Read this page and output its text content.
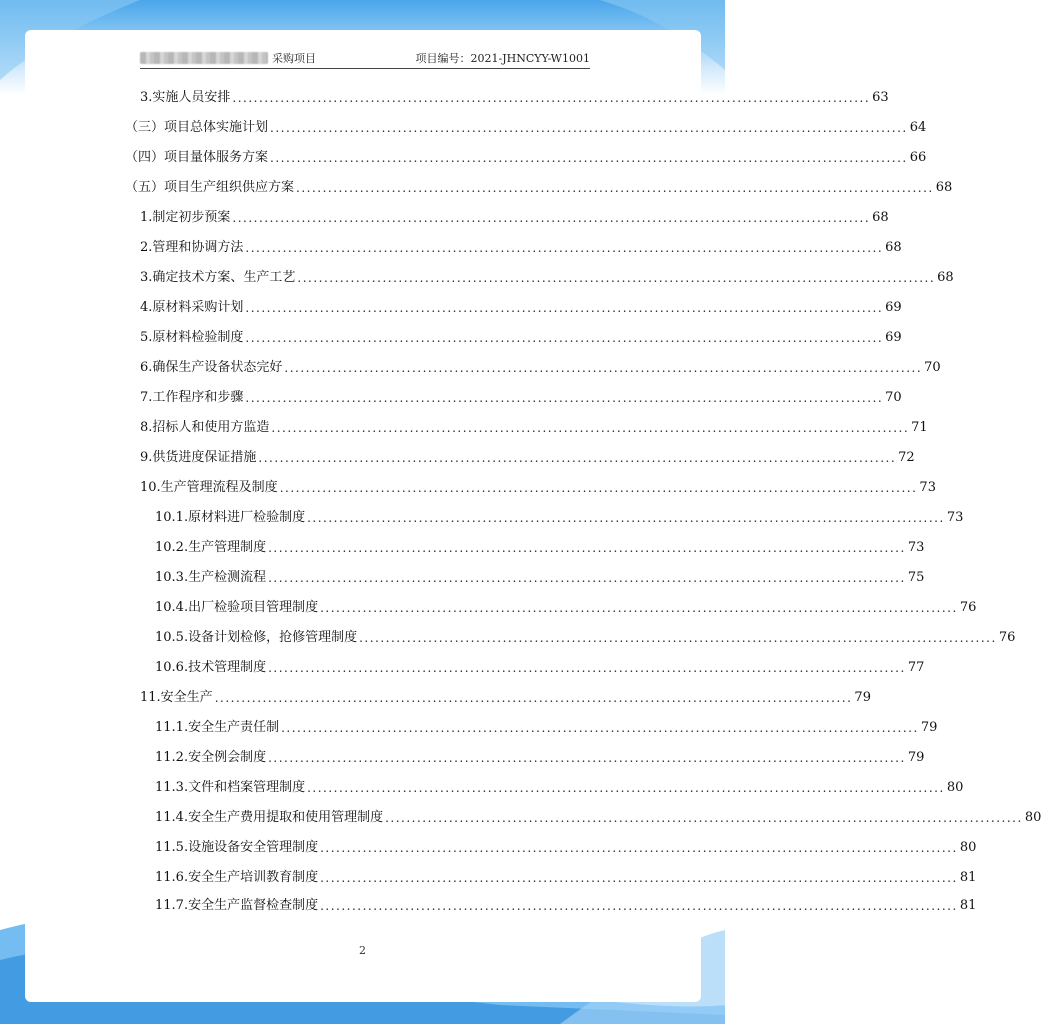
采购项目	项目编号：2021-JHNCYY-W1001
3.实施人员安排 ........................................................................................................................ 63
（三）项目总体实施计划 ........................................................................................................................ 64
（四）项目量体服务方案 ........................................................................................................................ 66
（五）项目生产组织供应方案 ........................................................................................................................ 68
1.制定初步预案 ........................................................................................................................ 68
2.管理和协调方法 ........................................................................................................................ 68
3.确定技术方案、生产工艺 ........................................................................................................................ 68
4.原材料采购计划 ........................................................................................................................ 69
5.原材料检验制度 ........................................................................................................................ 69
6.确保生产设备状态完好 ........................................................................................................................ 70
7.工作程序和步骤 ........................................................................................................................ 70
8.招标人和使用方监造 ........................................................................................................................ 71
9.供货进度保证措施 ........................................................................................................................ 72
10.生产管理流程及制度 ........................................................................................................................ 73
10.1.原材料进厂检验制度 ........................................................................................................................ 73
10.2.生产管理制度 ........................................................................................................................ 73
10.3.生产检测流程 ........................................................................................................................ 75
10.4.出厂检验项目管理制度 ........................................................................................................................ 76
10.5.设备计划检修，抢修管理制度 ........................................................................................................................ 76
10.6.技术管理制度 ........................................................................................................................ 77
11.安全生产 ........................................................................................................................ 79
11.1.安全生产责任制 ........................................................................................................................ 79
11.2.安全例会制度 ........................................................................................................................ 79
11.3.文件和档案管理制度 ........................................................................................................................ 80
11.4.安全生产费用提取和使用管理制度 ........................................................................................................................ 80
11.5.设施设备安全管理制度 ........................................................................................................................ 80
11.6.安全生产培训教育制度 ........................................................................................................................ 81
11.7.安全生产监督检查制度 ........................................................................................................................ 81
2
